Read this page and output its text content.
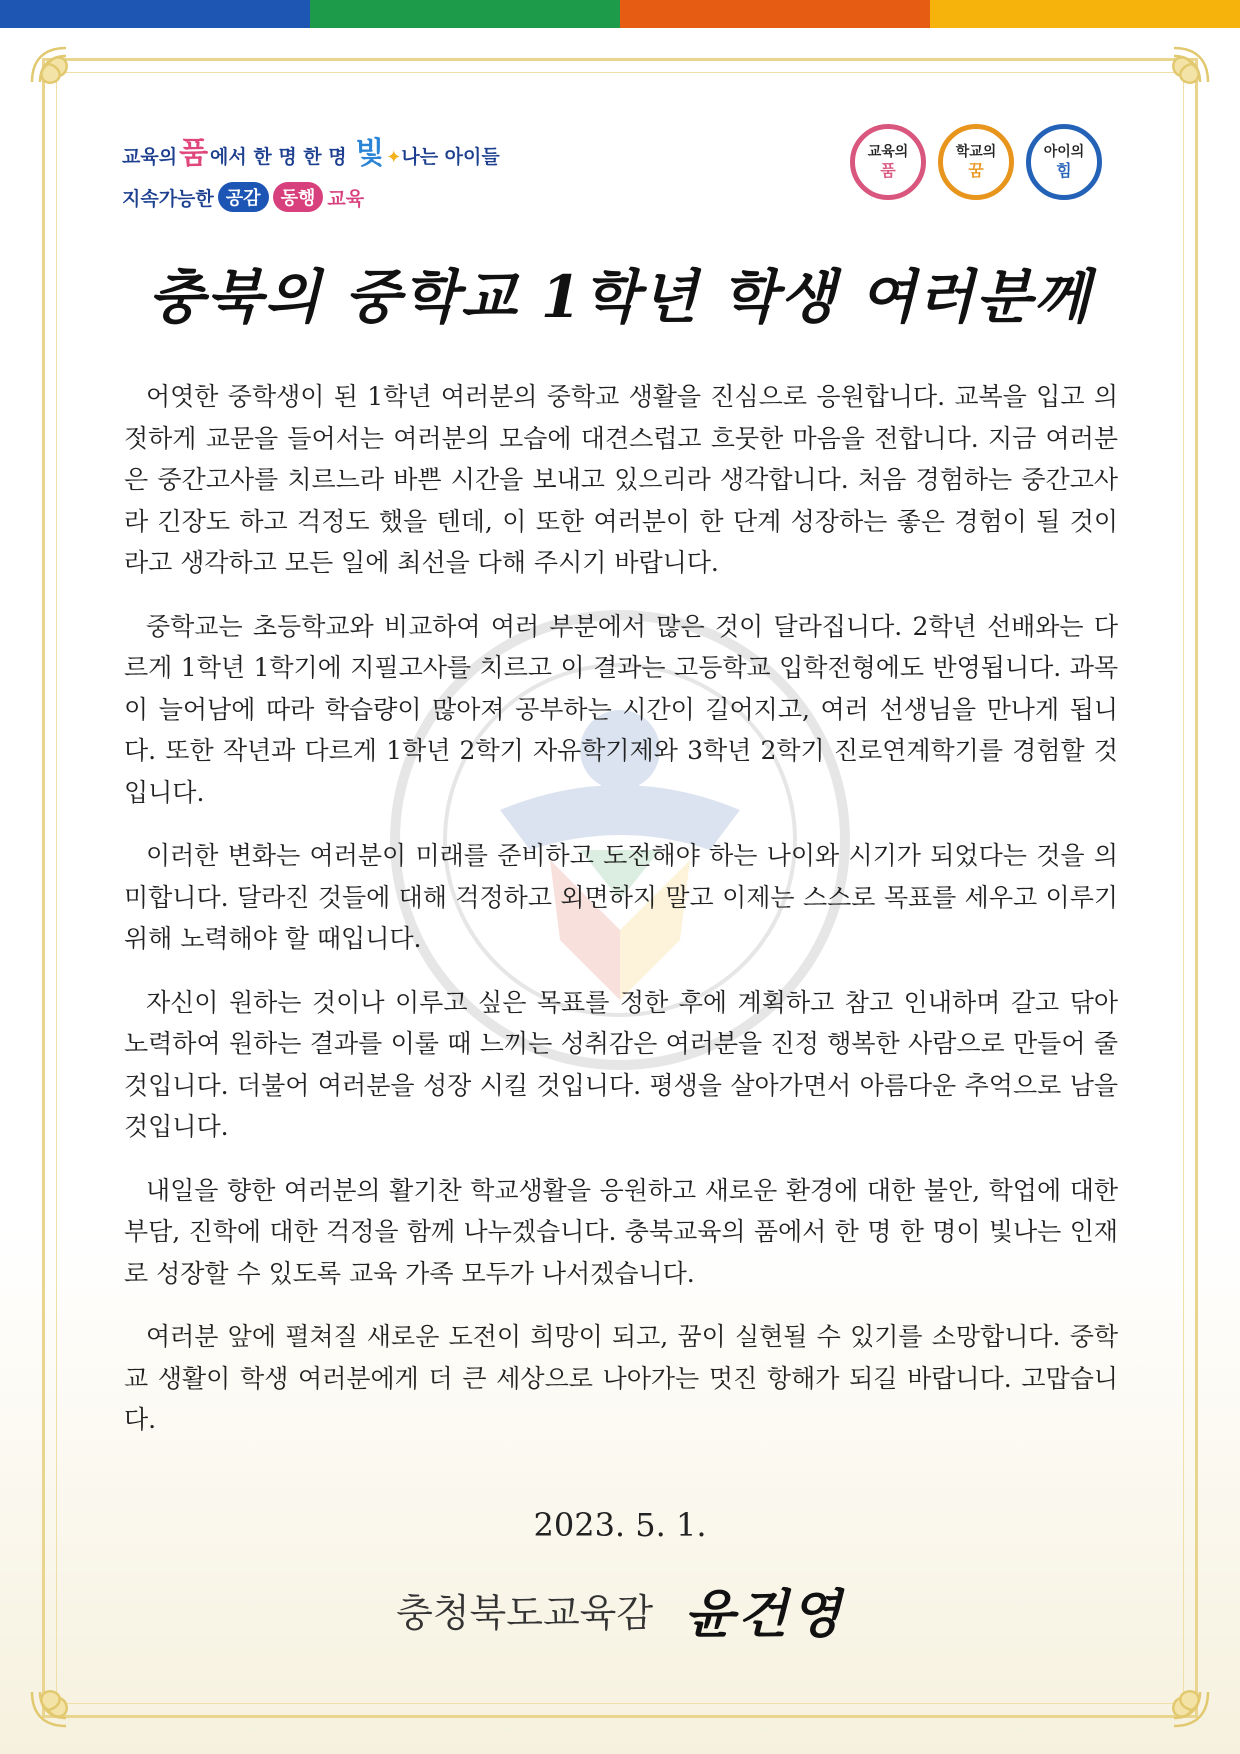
교육의품 에서 한 명 한 명 빛 ✦나는 아이들
지속가능한 공감	동행 교육
교육의
품
학교의
꿈
아이의
힘
충북의 중학교 1학년 학생 여러분께

어엿한 중학생이 된 1학년 여러분의 중학교 생활을 진심으로 응원합니다. 교복을 입고 의젓하게 교문을 들어서는 여러분의 모습에 대견스럽고 흐뭇한 마음을 전합니다. 지금 여러분은 중간고사를 치르느라 바쁜 시간을 보내고 있으리라 생각합니다. 처음 경험하는 중간고사라 긴장도 하고 걱정도 했을 텐데, 이 또한 여러분이 한 단계 성장하는 좋은 경험이 될 것이라고 생각하고 모든 일에 최선을 다해 주시기 바랍니다.

중학교는 초등학교와 비교하여 여러 부분에서 많은 것이 달라집니다. 2학년 선배와는 다르게 1학년 1학기에 지필고사를 치르고 이 결과는 고등학교 입학전형에도 반영됩니다. 과목이 늘어남에 따라 학습량이 많아져 공부하는 시간이 길어지고, 여러 선생님을 만나게 됩니다. 또한 작년과 다르게 1학년 2학기 자유학기제와 3학년 2학기 진로연계학기를 경험할 것입니다.

이러한 변화는 여러분이 미래를 준비하고 도전해야 하는 나이와 시기가 되었다는 것을 의미합니다. 달라진 것들에 대해 걱정하고 외면하지 말고 이제는 스스로 목표를 세우고 이루기 위해 노력해야 할 때입니다.

자신이 원하는 것이나 이루고 싶은 목표를 정한 후에 계획하고 참고 인내하며 갈고 닦아 노력하여 원하는 결과를 이룰 때 느끼는 성취감은 여러분을 진정 행복한 사람으로 만들어 줄 것입니다. 더불어 여러분을 성장 시킬 것입니다. 평생을 살아가면서 아름다운 추억으로 남을 것입니다.

내일을 향한 여러분의 활기찬 학교생활을 응원하고 새로운 환경에 대한 불안, 학업에 대한 부담, 진학에 대한 걱정을 함께 나누겠습니다. 충북교육의 품에서 한 명 한 명이 빛나는 인재로 성장할 수 있도록 교육 가족 모두가 나서겠습니다.

여러분 앞에 펼쳐질 새로운 도전이 희망이 되고, 꿈이 실현될 수 있기를 소망합니다. 중학교 생활이 학생 여러분에게 더 큰 세상으로 나아가는 멋진 항해가 되길 바랍니다. 고맙습니다.

2023. 5. 1.
충청북도교육감 윤건영
